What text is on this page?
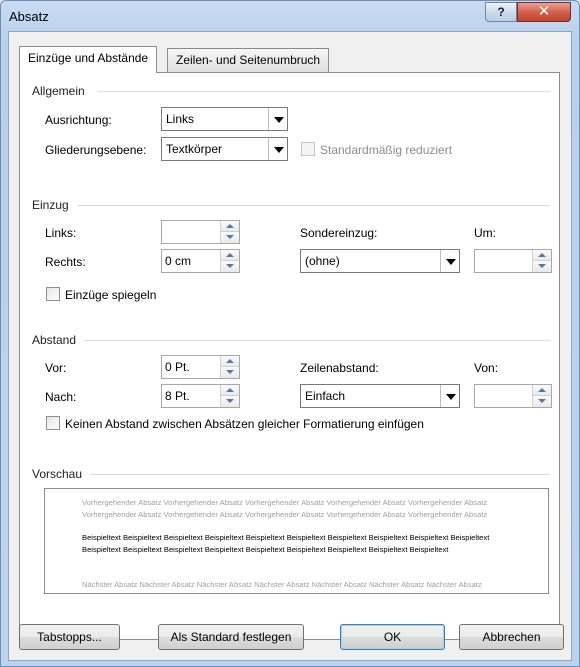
Absatz	?	✕
Einzüge und Abstände	Zeilen- und Seitenumbruch
Allgemein
Ausrichtung:	Links
Gliederungsebene: Textkörper	Standardmäßig reduziert
Einzug
Links:
Rechts:	0 cm
Sondereinzug:
(ohne)
Um:
Einzüge spiegeln
Abstand
Vor:	0 Pt.
Nach:	8 Pt.
Zeilenabstand:
Einfach
Von:
Keinen Abstand zwischen Absätzen gleicher Formatierung einfügen
Vorschau
Vorhergehender Absatz Vorhergehender Absatz Vorhergehender Absatz Vorhergehender Absatz Vorhergehender Absatz Vorhergehender Absatz Vorhergehender Absatz Vorhergehender Absatz Vorhergehender Absatz Vorhergehender Absatz
Beispieltext Beispieltext Beispieltext Beispieltext Beispieltext Beispieltext Beispieltext Beispieltext Beispieltext Beispieltext Beispieltext Beispieltext Beispieltext Beispieltext Beispieltext Beispieltext Beispieltext Beispieltext Beispieltext
Nächster Absatz Nächster Absatz Nächster Absatz Nächster Absatz Nächster Absatz Nächster Absatz Nächster Absatz
Tabstopps...	Als Standard festlegen	OK	Abbrechen
